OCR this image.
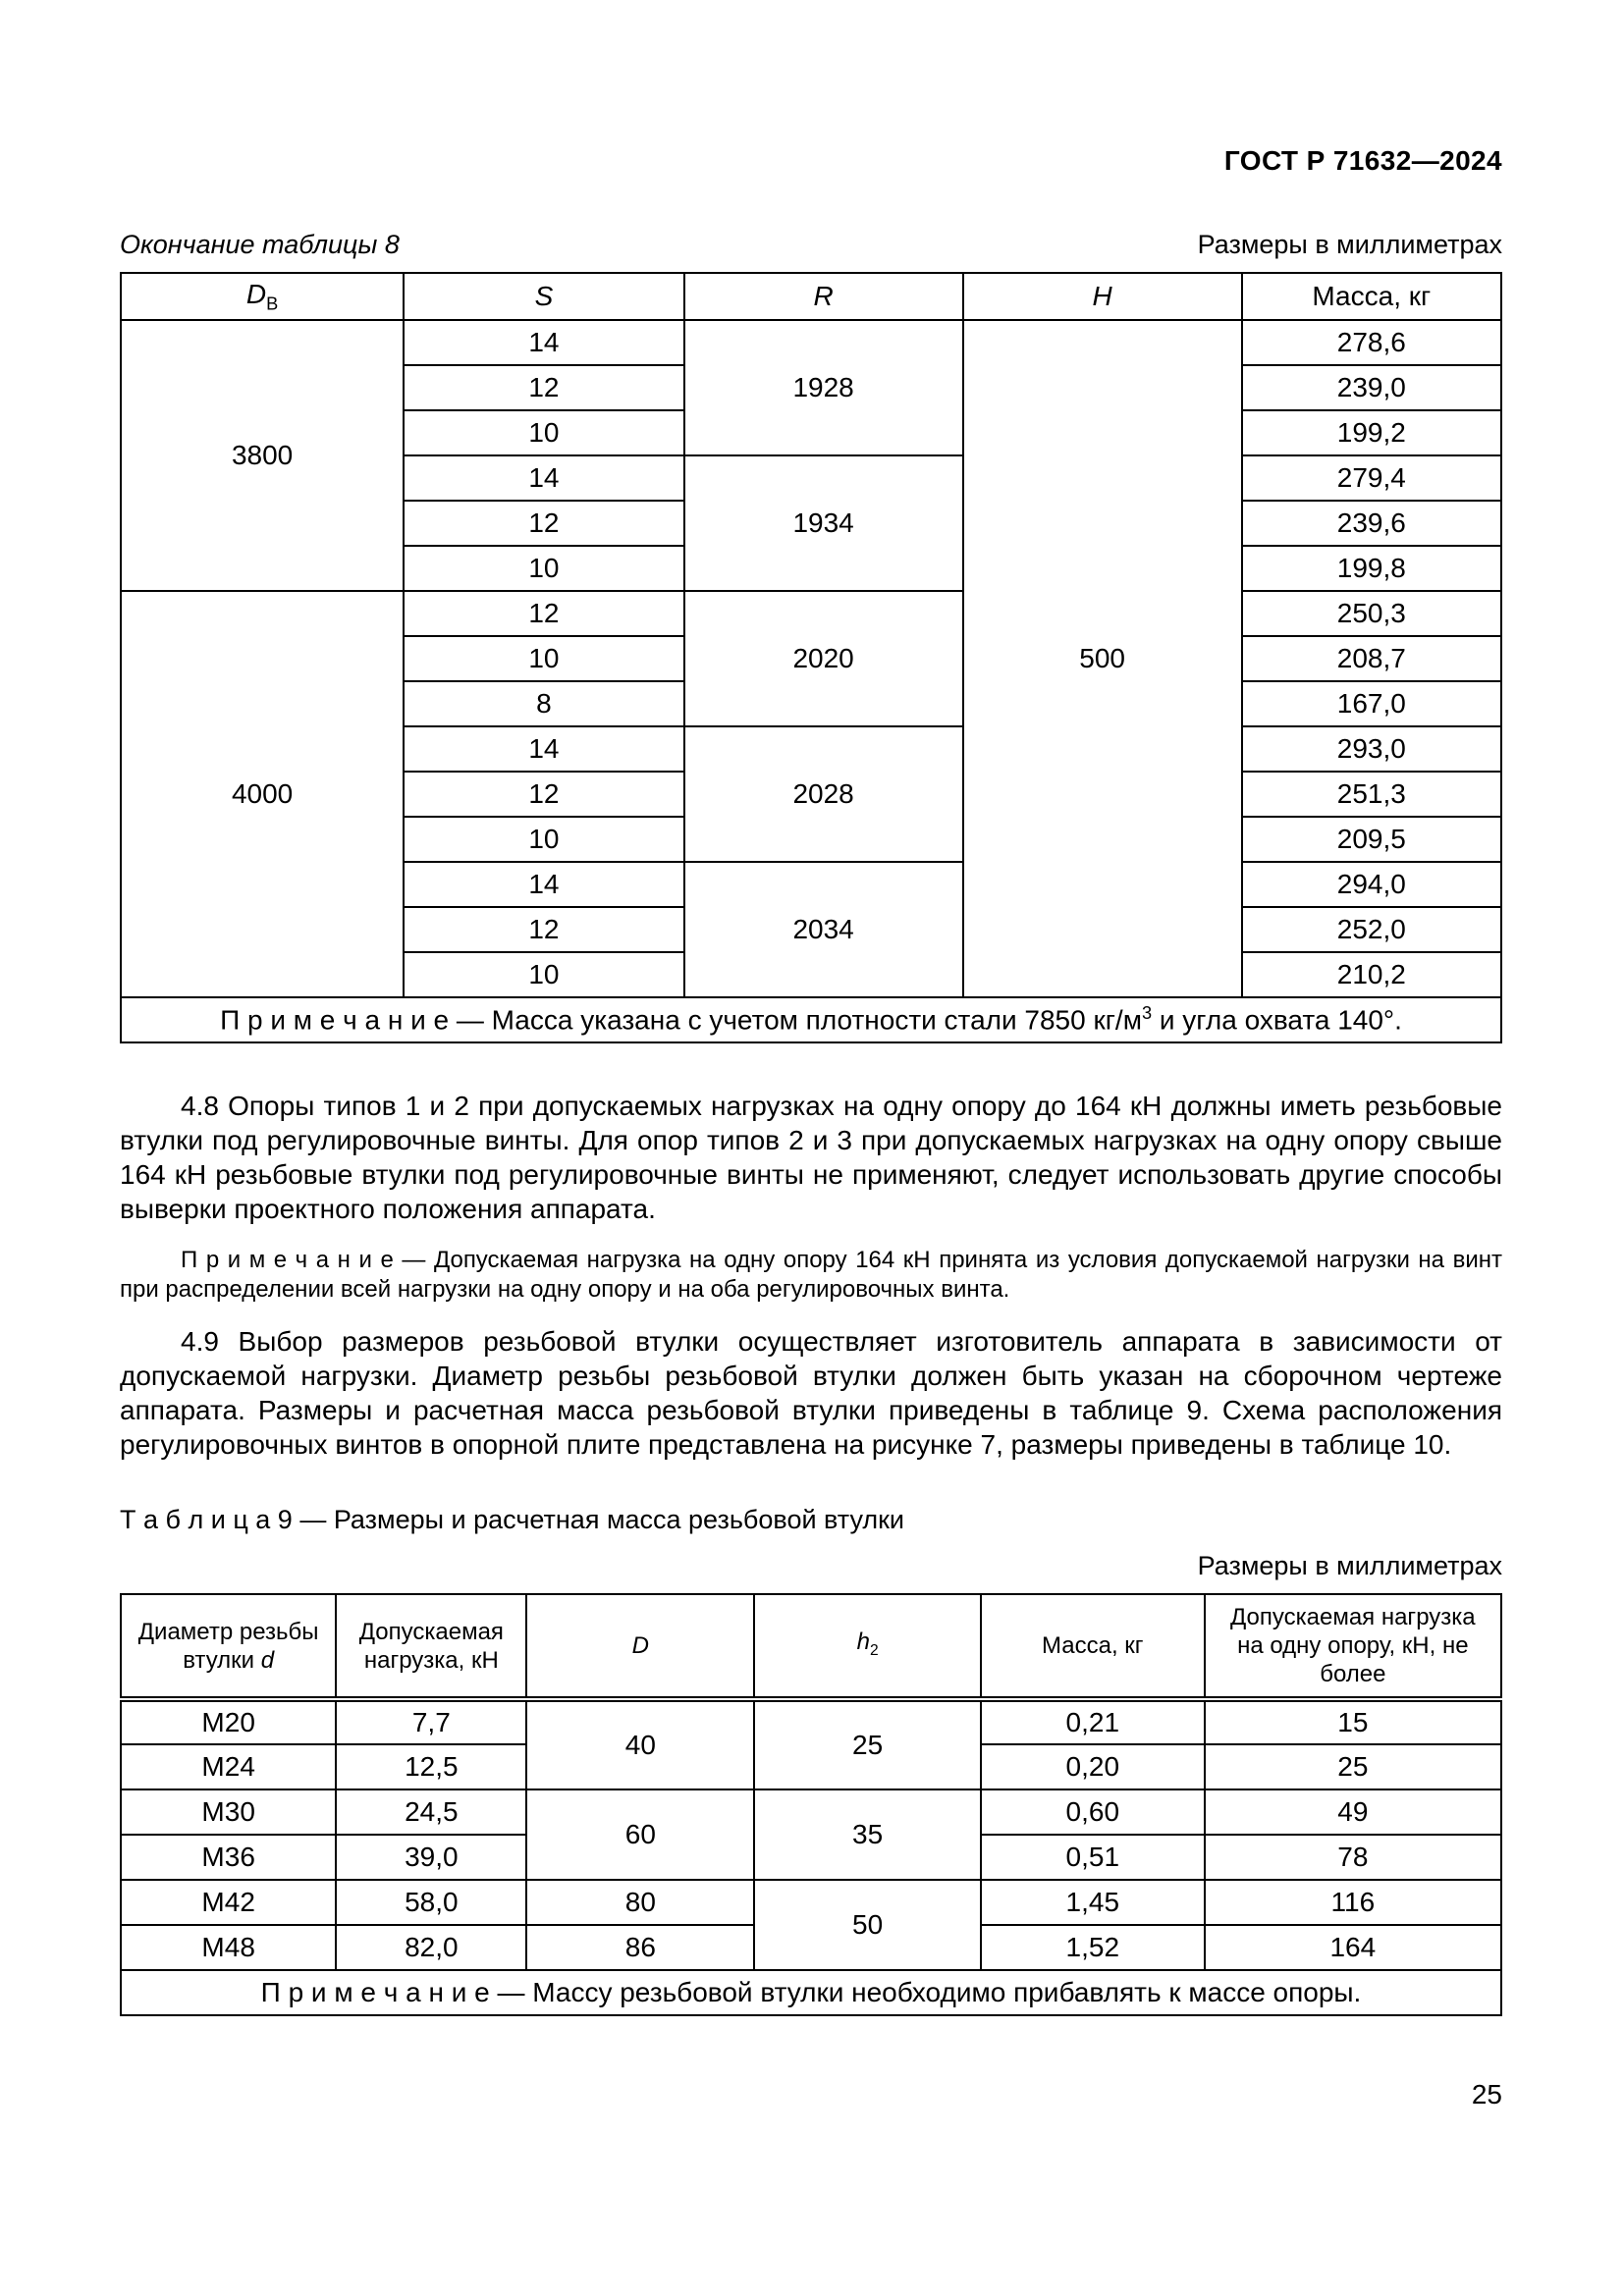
ГОСТ Р 71632—2024
Окончание таблицы 8	Размеры в миллиметрах
$D_В$	S	R	H	Масса, кг
3800	14	1928	500	278,6
	12			239,0
	10			199,2
	14	1934		279,4
	12			239,6
	10			199,8
4000	12	2020		250,3
	10			208,7
	8			167,0
	14	2028		293,0
	12			251,3
	10			209,5
	14	2034		294,0
	12			252,0
	10			210,2
П р и м е ч а н и е — Масса указана с учетом плотности стали 7850 $кг/м^3$ и угла охвата 140°.				

4.8 Опоры типов 1 и 2 при допускаемых нагрузках на одну опору до 164 кН должны иметь резьбовые втулки под регулировочные винты. Для опор типов 2 и 3 при допускаемых нагрузках на одну опору свыше 164 кН резьбовые втулки под регулировочные винты не применяют, следует использовать другие способы выверки проектного положения аппарата.

П р и м е ч а н и е — Допускаемая нагрузка на одну опору 164 кН принята из условия допускаемой нагрузки на винт при распределении всей нагрузки на одну опору и на оба регулировочных винта.

4.9 Выбор размеров резьбовой втулки осуществляет изготовитель аппарата в зависимости от допускаемой нагрузки. Диаметр резьбы резьбовой втулки должен быть указан на сборочном чертеже аппарата. Размеры и расчетная масса резьбовой втулки приведены в таблице 9. Схема расположения регулировочных винтов в опорной плите представлена на рисунке 7, размеры приведены в таблице 10.

Т а б л и ц а 9 — Размеры и расчетная масса резьбовой втулки
Размеры в миллиметрах
Диаметр резьбы втулки d	Допускаемая нагрузка, кН	D	$h_2$	Масса, кг	Допускаемая нагрузка на одну опору, кН, не более
М20	7,7	40	25	0,21	15
М24	12,5			0,20	25
М30	24,5	60	35	0,60	49
М36	39,0			0,51	78
М42	58,0	80	50	1,45	116
М48	82,0	86		1,52	164
П р и м е ч а н и е — Массу резьбовой втулки необходимо прибавлять к массе опоры.					
25
